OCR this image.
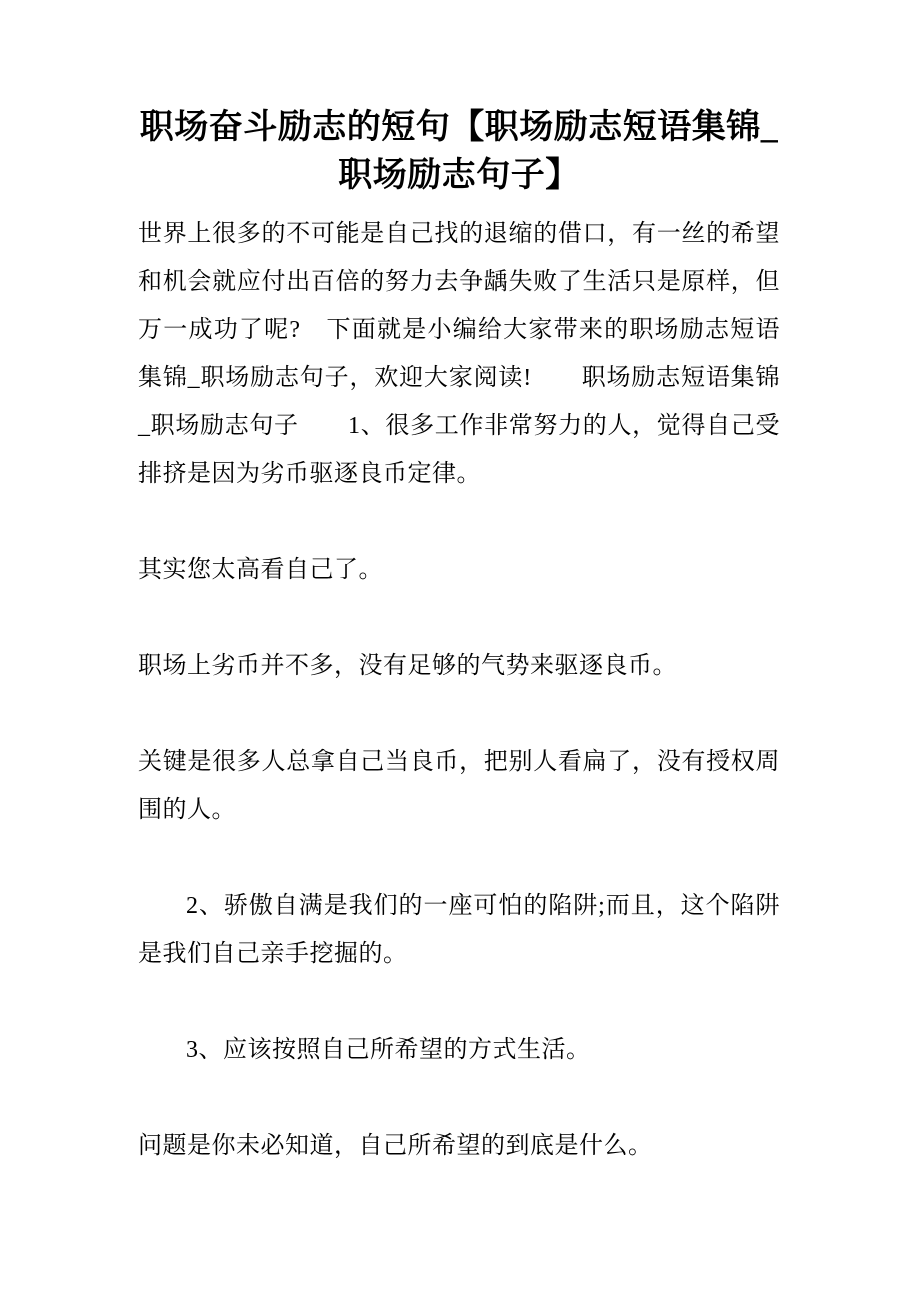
职场奋斗励志的短句【职场励志短语集锦_职场励志句子】

世界上很多的不可能是自己找的退缩的借口，有一丝的希望和机会就应付出百倍的努力去争龋失败了生活只是原样，但万一成功了呢?　下面就是小编给大家带来的职场励志短语集锦_职场励志句子，欢迎大家阅读!　　职场励志短语集锦_职场励志句子　　1、很多工作非常努力的人，觉得自己受排挤是因为劣币驱逐良币定律。

其实您太高看自己了。

职场上劣币并不多，没有足够的气势来驱逐良币。

关键是很多人总拿自己当良币，把别人看扁了，没有授权周围的人。

2、骄傲自满是我们的一座可怕的陷阱;而且，这个陷阱是我们自己亲手挖掘的。

3、应该按照自己所希望的方式生活。

问题是你未必知道，自己所希望的到底是什么。
